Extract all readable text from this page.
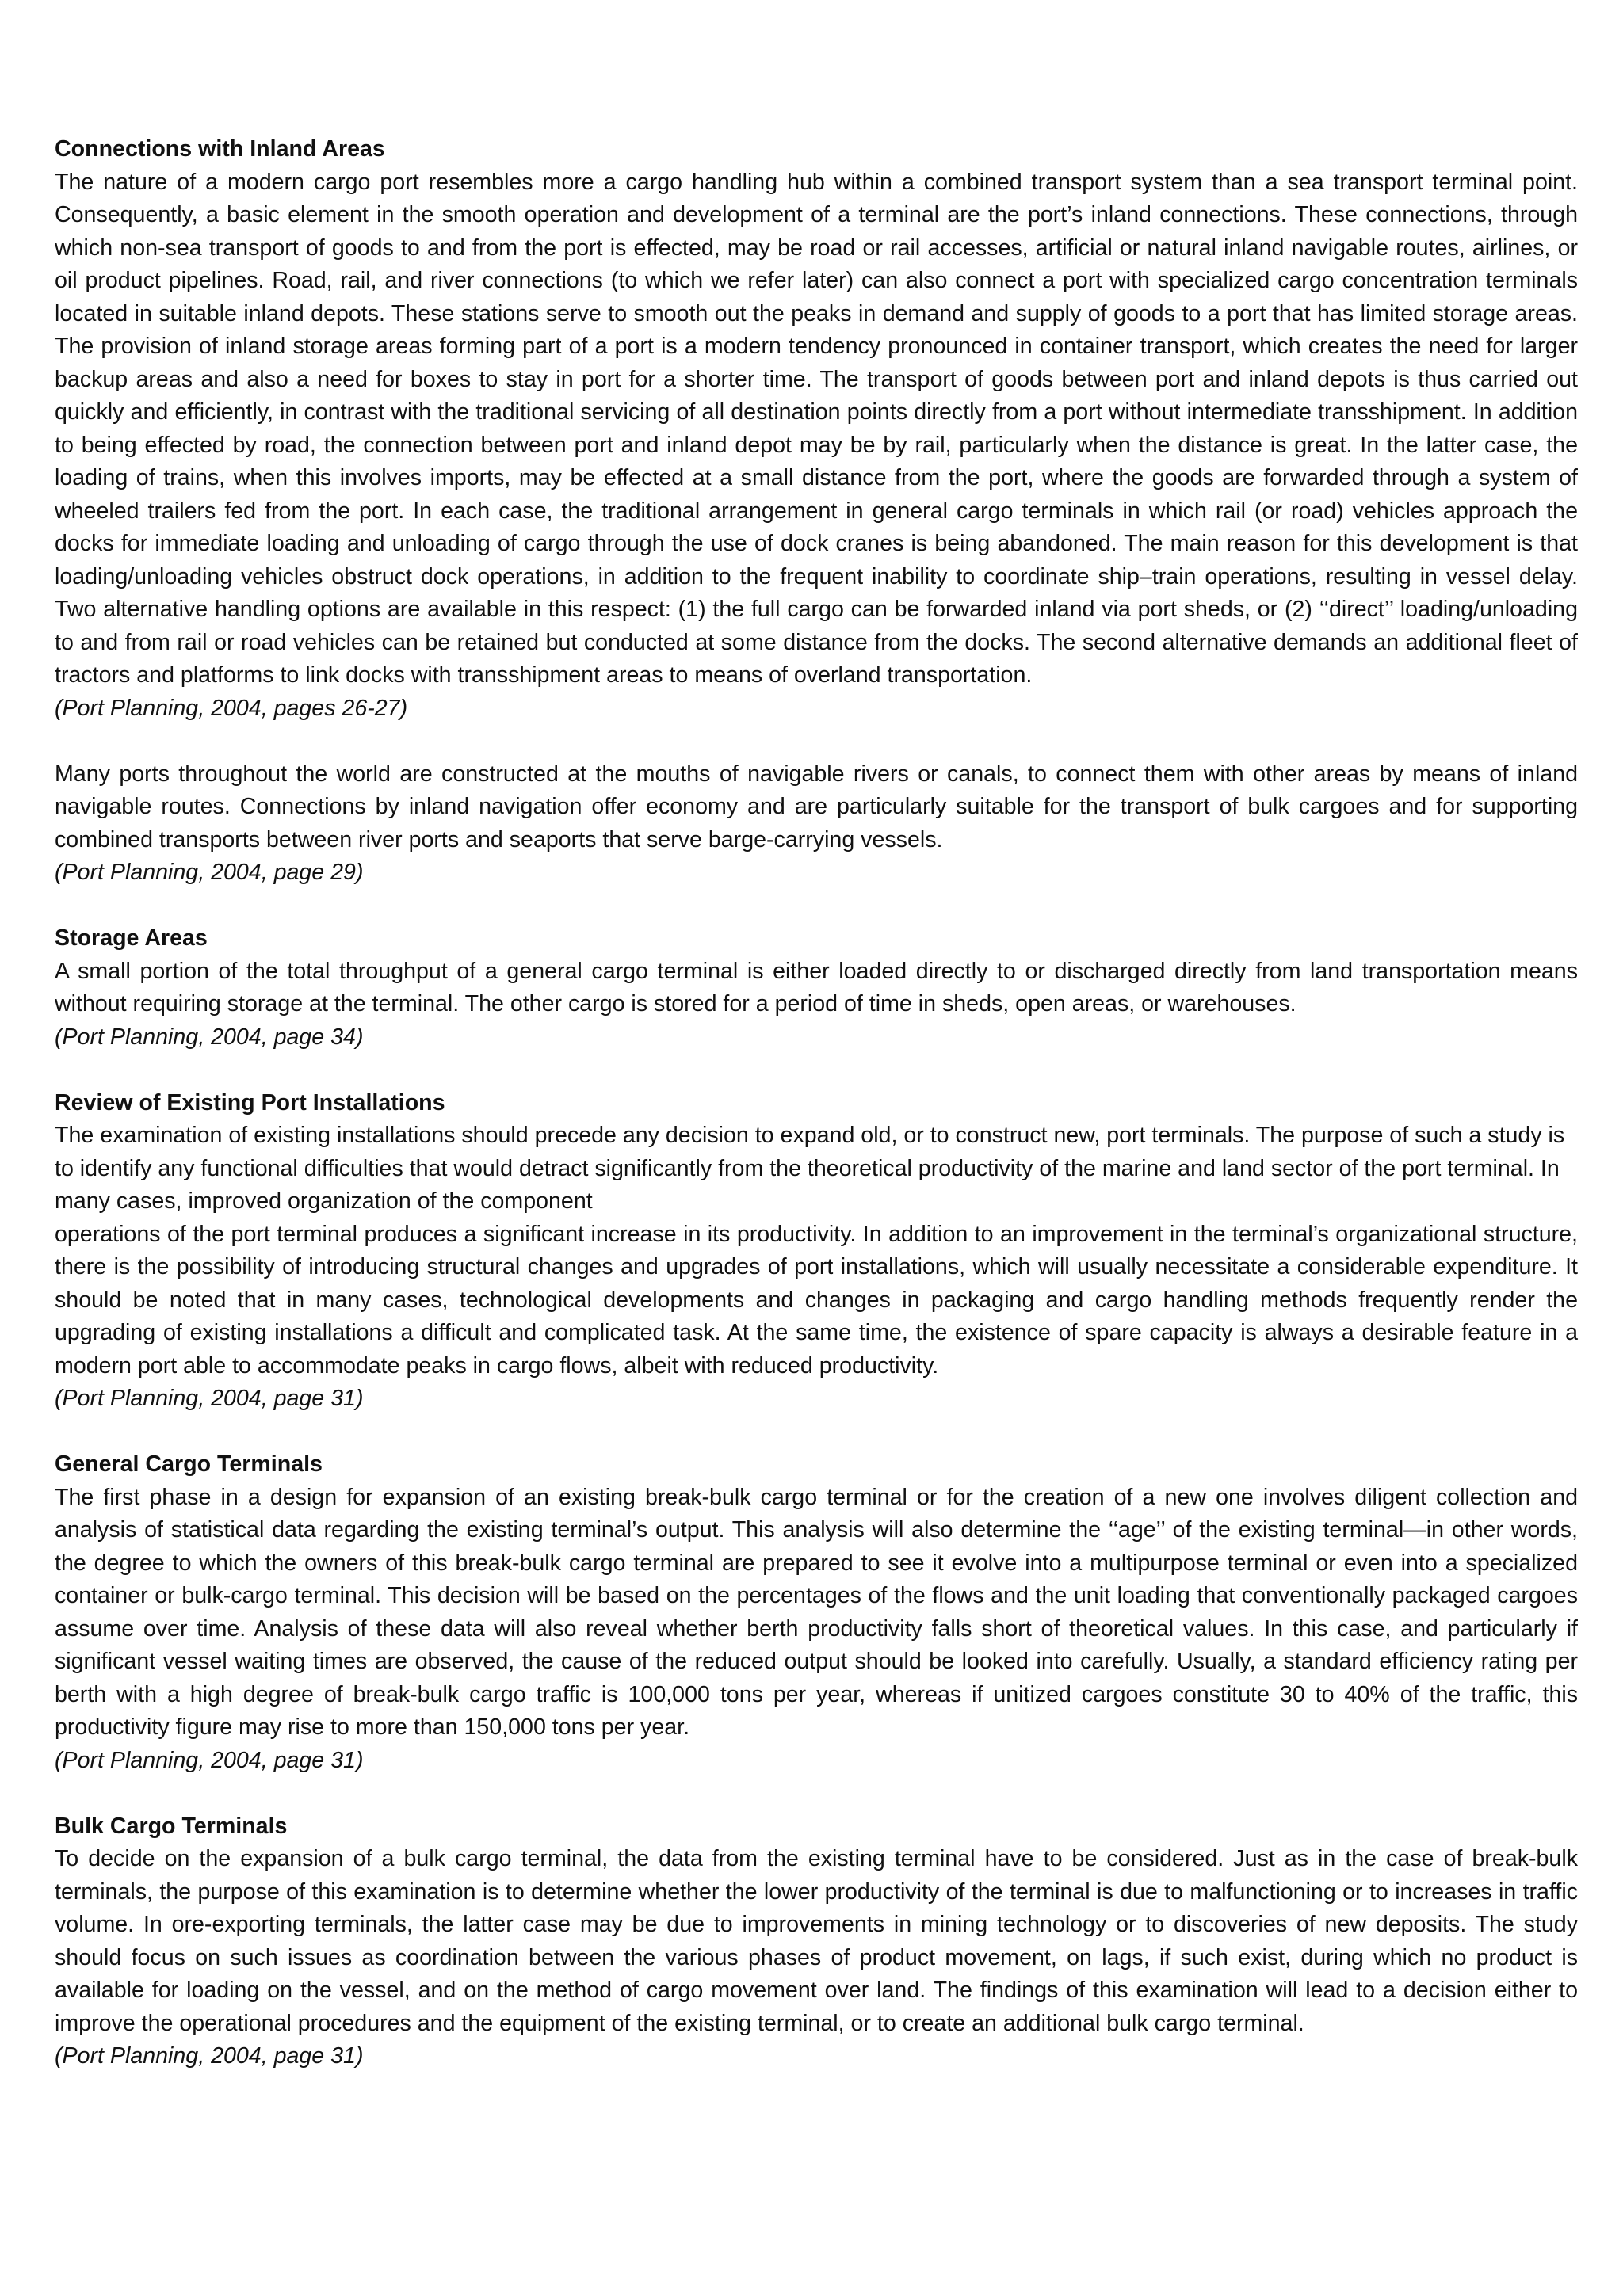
Connections with Inland Areas

The nature of a modern cargo port resembles more a cargo handling hub within a combined transport system than a sea transport terminal point. Consequently, a basic element in the smooth operation and development of a terminal are the port’s inland connections. These connections, through which non-sea transport of goods to and from the port is effected, may be road or rail accesses, artificial or natural inland navigable routes, airlines, or oil product pipelines. Road, rail, and river connections (to which we refer later) can also connect a port with specialized cargo concentration terminals located in suitable inland depots. These stations serve to smooth out the peaks in demand and supply of goods to a port that has limited storage areas. The provision of inland storage areas forming part of a port is a modern tendency pronounced in container transport, which creates the need for larger backup areas and also a need for boxes to stay in port for a shorter time. The transport of goods between port and inland depots is thus carried out quickly and efficiently, in contrast with the traditional servicing of all destination points directly from a port without intermediate transshipment. In addition to being effected by road, the connection between port and inland depot may be by rail, particularly when the distance is great. In the latter case, the loading of trains, when this involves imports, may be effected at a small distance from the port, where the goods are forwarded through a system of wheeled trailers fed from the port. In each case, the traditional arrangement in general cargo terminals in which rail (or road) vehicles approach the docks for immediate loading and unloading of cargo through the use of dock cranes is being abandoned. The main reason for this development is that loading/unloading vehicles obstruct dock operations, in addition to the frequent inability to coordinate ship–train operations, resulting in vessel delay. Two alternative handling options are available in this respect: (1) the full cargo can be forwarded inland via port sheds, or (2) ‘‘direct’’ loading/unloading to and from rail or road vehicles can be retained but conducted at some distance from the docks. The second alternative demands an additional fleet of tractors and platforms to link docks with transshipment areas to means of overland transportation.

(Port Planning, 2004, pages 26-27)

Many ports throughout the world are constructed at the mouths of navigable rivers or canals, to connect them with other areas by means of inland navigable routes. Connections by inland navigation offer economy and are particularly suitable for the transport of bulk cargoes and for supporting combined transports between river ports and seaports that serve barge-carrying vessels.

(Port Planning, 2004, page 29)

Storage Areas

A small portion of the total throughput of a general cargo terminal is either loaded directly to or discharged directly from land transportation means without requiring storage at the terminal. The other cargo is stored for a period of time in sheds, open areas, or warehouses.

(Port Planning, 2004, page 34)

Review of Existing Port Installations

The examination of existing installations should precede any decision to expand old, or to construct new, port terminals. The purpose of such a study is to identify any functional difficulties that would detract significantly from the theoretical productivity of the marine and land sector of the port terminal. In many cases, improved organization of the component

operations of the port terminal produces a significant increase in its productivity. In addition to an improvement in the terminal’s organizational structure, there is the possibility of introducing structural changes and upgrades of port installations, which will usually necessitate a considerable expenditure. It should be noted that in many cases, technological developments and changes in packaging and cargo handling methods frequently render the upgrading of existing installations a difficult and complicated task. At the same time, the existence of spare capacity is always a desirable feature in a modern port able to accommodate peaks in cargo flows, albeit with reduced productivity.

(Port Planning, 2004, page 31)

General Cargo Terminals

The first phase in a design for expansion of an existing break-bulk cargo terminal or for the creation of a new one involves diligent collection and analysis of statistical data regarding the existing terminal’s output. This analysis will also determine the ‘‘age’’ of the existing terminal—in other words, the degree to which the owners of this break-bulk cargo terminal are prepared to see it evolve into a multipurpose terminal or even into a specialized container or bulk-cargo terminal. This decision will be based on the percentages of the flows and the unit loading that conventionally packaged cargoes assume over time. Analysis of these data will also reveal whether berth productivity falls short of theoretical values. In this case, and particularly if significant vessel waiting times are observed, the cause of the reduced output should be looked into carefully. Usually, a standard efficiency rating per berth with a high degree of break-bulk cargo traffic is 100,000 tons per year, whereas if unitized cargoes constitute 30 to 40% of the traffic, this productivity figure may rise to more than 150,000 tons per year.

(Port Planning, 2004, page 31)

Bulk Cargo Terminals

To decide on the expansion of a bulk cargo terminal, the data from the existing terminal have to be considered. Just as in the case of break-bulk terminals, the purpose of this examination is to determine whether the lower productivity of the terminal is due to malfunctioning or to increases in traffic volume. In ore-exporting terminals, the latter case may be due to improvements in mining technology or to discoveries of new deposits. The study should focus on such issues as coordination between the various phases of product movement, on lags, if such exist, during which no product is available for loading on the vessel, and on the method of cargo movement over land. The findings of this examination will lead to a decision either to improve the operational procedures and the equipment of the existing terminal, or to create an additional bulk cargo terminal.

(Port Planning, 2004, page 31)
